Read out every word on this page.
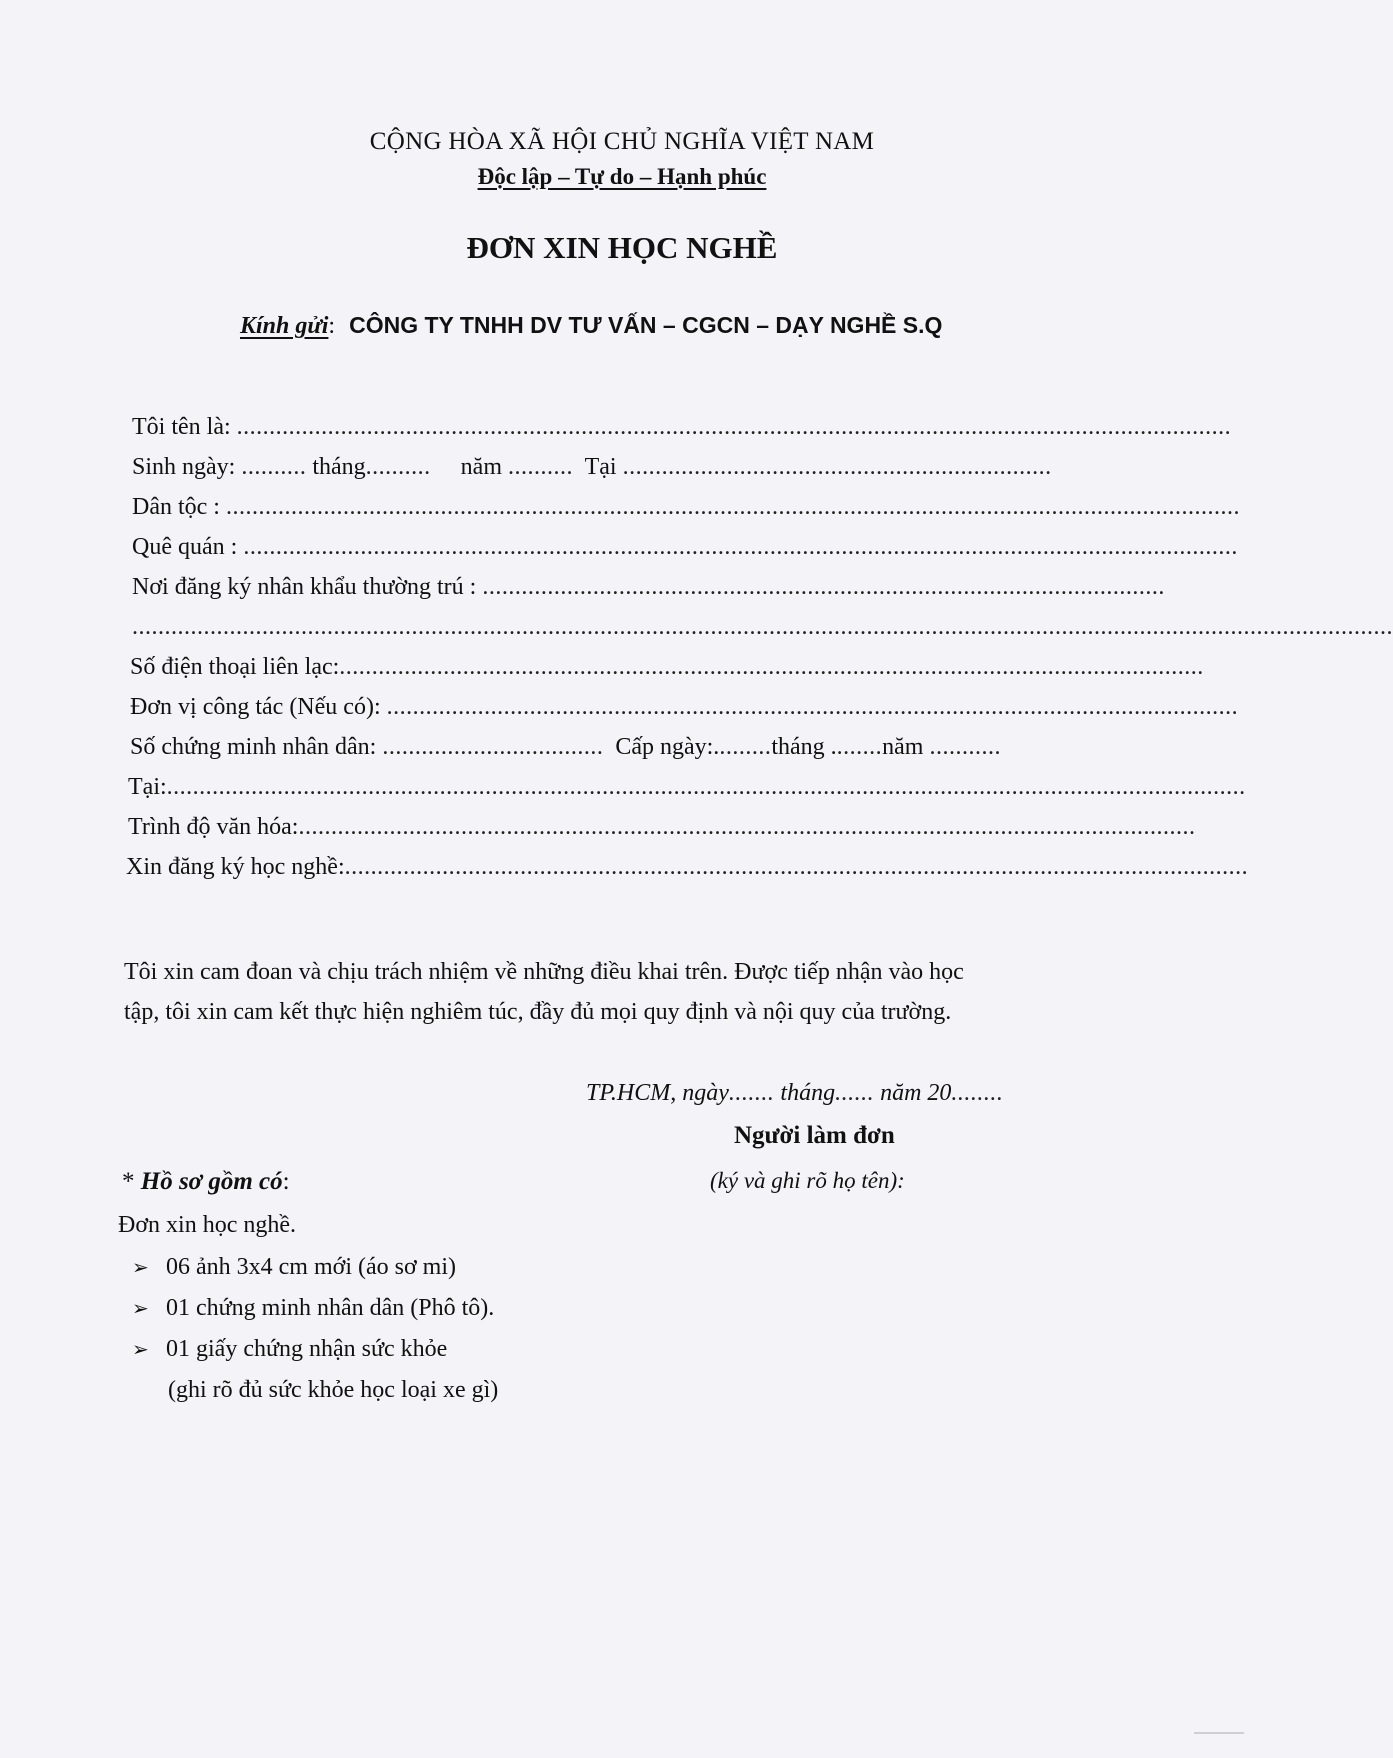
CỘNG HÒA XÃ HỘI CHỦ NGHĨA VIỆT NAM
Độc lập – Tự do – Hạnh phúc
ĐƠN XIN HỌC NGHỀ
Kính gửi: CÔNG TY TNHH DV TƯ VẤN – CGCN – DẠY NGHỀ S.Q
Tôi tên là: .........................................................................................................................................................
Sinh ngày: .......... tháng.......... năm .......... Tại ..................................................................
Dân tộc : ............................................................................................................................................................
Quê quán : .........................................................................................................................................................
Nơi đăng ký nhân khẩu thường trú : .........................................................................................................
..................................................................................................................................................................................................
Số điện thoại liên lạc:.....................................................................................................................................
Đơn vị công tác (Nếu có): ...................................................................................................................................
Số chứng minh nhân dân: .................................. Cấp ngày:.........tháng ........năm ...........
Tại:......................................................................................................................................................................
Trình độ văn hóa:..........................................................................................................................................
Xin đăng ký học nghề:...........................................................................................................................................
Tôi xin cam đoan và chịu trách nhiệm về những điều khai trên. Được tiếp nhận vào học
tập, tôi xin cam kết thực hiện nghiêm túc, đầy đủ mọi quy định và nội quy của trường.
TP.HCM, ngày....... tháng...... năm 20........
Người làm đơn
(ký và ghi rõ họ tên):
* Hồ sơ gồm có:
Đơn xin học nghề.
➢ 06 ảnh 3x4 cm mới (áo sơ mi)
➢ 01 chứng minh nhân dân (Phô tô).
➢ 01 giấy chứng nhận sức khỏe
(ghi rõ đủ sức khỏe học loại xe gì)
